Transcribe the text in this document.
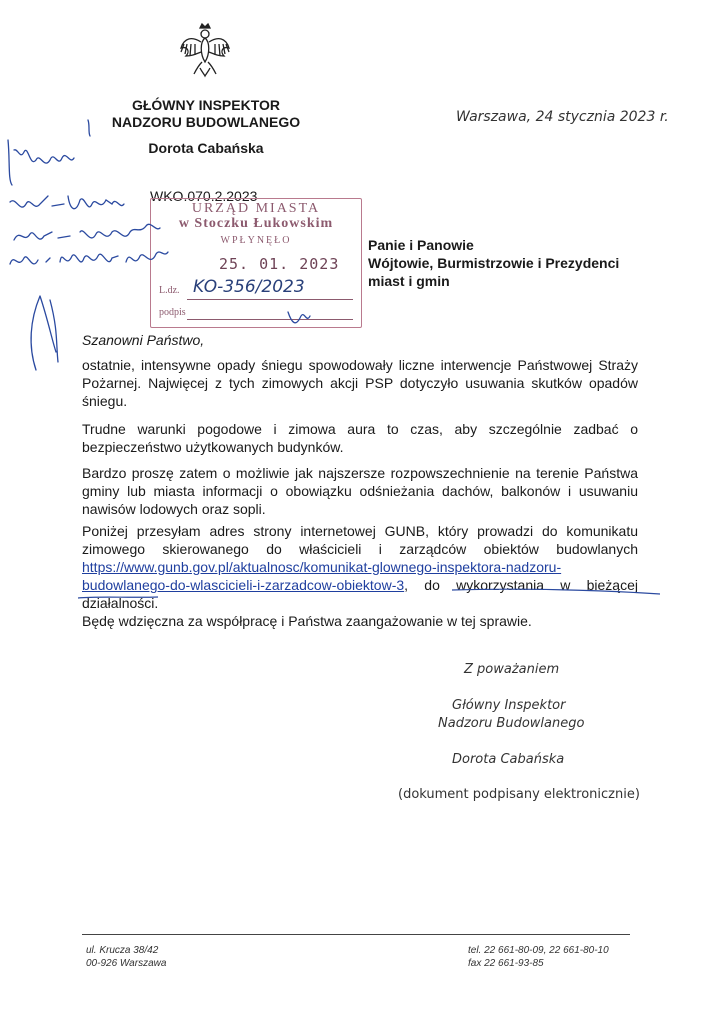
GŁÓWNY INSPEKTOR
NADZORU BUDOWLANEGO
Dorota Cabańska
Warszawa, 24 stycznia 2023 r.
WKO.070.2.2023
URZĄD MIASTA
w Stoczku Łukowskim
WPŁYNĘŁO
25. 01. 2023
L.dz. KO-356/2023
podpis
Panie i Panowie
Wójtowie, Burmistrzowie i Prezydenci
miast i gmin
Szanowni Państwo,
ostatnie, intensywne opady śniegu spowodowały liczne interwencje Państwowej Straży Pożarnej. Najwięcej z tych zimowych akcji PSP dotyczyło usuwania skutków opadów śniegu.
Trudne warunki pogodowe i zimowa aura to czas, aby szczególnie zadbać o bezpieczeństwo użytkowanych budynków.
Bardzo proszę zatem o możliwie jak najszersze rozpowszechnienie na terenie Państwa gminy lub miasta informacji o obowiązku odśnieżania dachów, balkonów i usuwaniu nawisów lodowych oraz sopli.
Poniżej przesyłam adres strony internetowej GUNB, który prowadzi do komunikatu zimowego skierowanego do właścicieli i zarządców obiektów budowlanych https://www.gunb.gov.pl/aktualnosc/komunikat-glownego-inspektora-nadzoru-budowlanego-do-wlascicieli-i-zarzadcow-obiektow-3, do wykorzystania w bieżącej działalności.
Będę wdzięczna za współpracę i Państwa zaangażowanie w tej sprawie.
Z poważaniem
Główny Inspektor
Nadzoru Budowlanego
Dorota Cabańska
(dokument podpisany elektronicznie)
ul. Krucza 38/42
00-926 Warszawa
tel. 22 661-80-09, 22 661-80-10
fax 22 661-93-85
